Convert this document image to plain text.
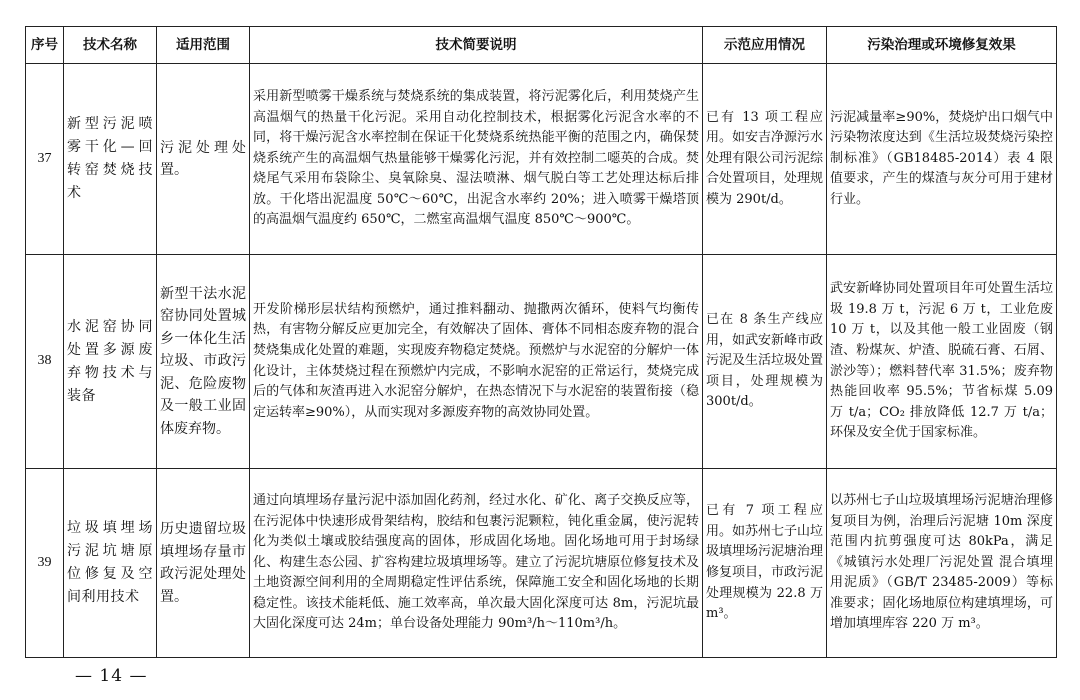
序号	技术名称	适用范围	技术简要说明	示范应用情况	污染治理或环境修复效果
37	新型污泥喷雾干化—回转窑焚烧技术	污泥处理处置。	采用新型喷雾干燥系统与焚烧系统的集成装置，将污泥雾化后，利用焚烧产生高温烟气的热量干化污泥。采用自动化控制技术，根据雾化污泥含水率的不同，将干燥污泥含水率控制在保证干化焚烧系统热能平衡的范围之内，确保焚烧系统产生的高温烟气热量能够干燥雾化污泥，并有效控制二噁英的合成。焚烧尾气采用布袋除尘、臭氧除臭、湿法喷淋、烟气脱白等工艺处理达标后排放。干化塔出泥温度 50℃～60℃，出泥含水率约 20%；进入喷雾干燥塔顶的高温烟气温度约 650℃，二燃室高温烟气温度 850℃～900℃。	已有 13 项工程应用。如安吉净源污水处理有限公司污泥综合处置项目，处理规模为 290t/d。	污泥减量率≥90%，焚烧炉出口烟气中污染物浓度达到《生活垃圾焚烧污染控制标准》（GB18485-2014）表 4 限值要求，产生的煤渣与灰分可用于建材行业。
38	水泥窑协同处置多源废弃物技术与装备	新型干法水泥窑协同处置城乡一体化生活垃圾、市政污泥、危险废物及一般工业固体废弃物。	开发阶梯形层状结构预燃炉，通过推料翻动、抛撒两次循环，使料气均衡传热，有害物分解反应更加完全，有效解决了固体、膏体不同相态废弃物的混合焚烧集成化处置的难题，实现废弃物稳定焚烧。预燃炉与水泥窑的分解炉一体化设计，主体焚烧过程在预燃炉内完成，不影响水泥窑的正常运行，焚烧完成后的气体和灰渣再进入水泥窑分解炉，在热态情况下与水泥窑的装置衔接（稳定运转率≥90%），从而实现对多源废弃物的高效协同处置。	已在 8 条生产线应用，如武安新峰市政污泥及生活垃圾处置项目，处理规模为 300t/d。	武安新峰协同处置项目年可处置生活垃圾 19.8 万 t，污泥 6 万 t，工业危废 10 万 t，以及其他一般工业固废（钢渣、粉煤灰、炉渣、脱硫石膏、石屑、淤沙等）；燃料替代率 31.5%；废弃物热能回收率 95.5%；节省标煤 5.09 万 t/a；CO₂ 排放降低 12.7 万 t/a；环保及安全优于国家标准。
39	垃圾填埋场污泥坑塘原位修复及空间利用技术	历史遗留垃圾填埋场存量市政污泥处理处置。	通过向填埋场存量污泥中添加固化药剂，经过水化、矿化、离子交换反应等，在污泥体中快速形成骨架结构，胶结和包裹污泥颗粒，钝化重金属，使污泥转化为类似土壤或胶结强度高的固体，形成固化场地。固化场地可用于封场绿化、构建生态公园、扩容构建垃圾填埋场等。建立了污泥坑塘原位修复技术及土地资源空间利用的全周期稳定性评估系统，保障施工安全和固化场地的长期稳定性。该技术能耗低、施工效率高，单次最大固化深度可达 8m，污泥坑最大固化深度可达 24m；单台设备处理能力 90m³/h～110m³/h。	已有 7 项工程应用。如苏州七子山垃圾填埋场污泥塘治理修复项目，市政污泥处理规模为 22.8 万 m³。	以苏州七子山垃圾填埋场污泥塘治理修复项目为例，治理后污泥塘 10m 深度范围内抗剪强度可达 80kPa，满足《城镇污水处理厂污泥处置 混合填埋用泥质》（GB/T 23485-2009）等标准要求；固化场地原位构建填埋场，可增加填埋库容 220 万 m³。
— 14 —
